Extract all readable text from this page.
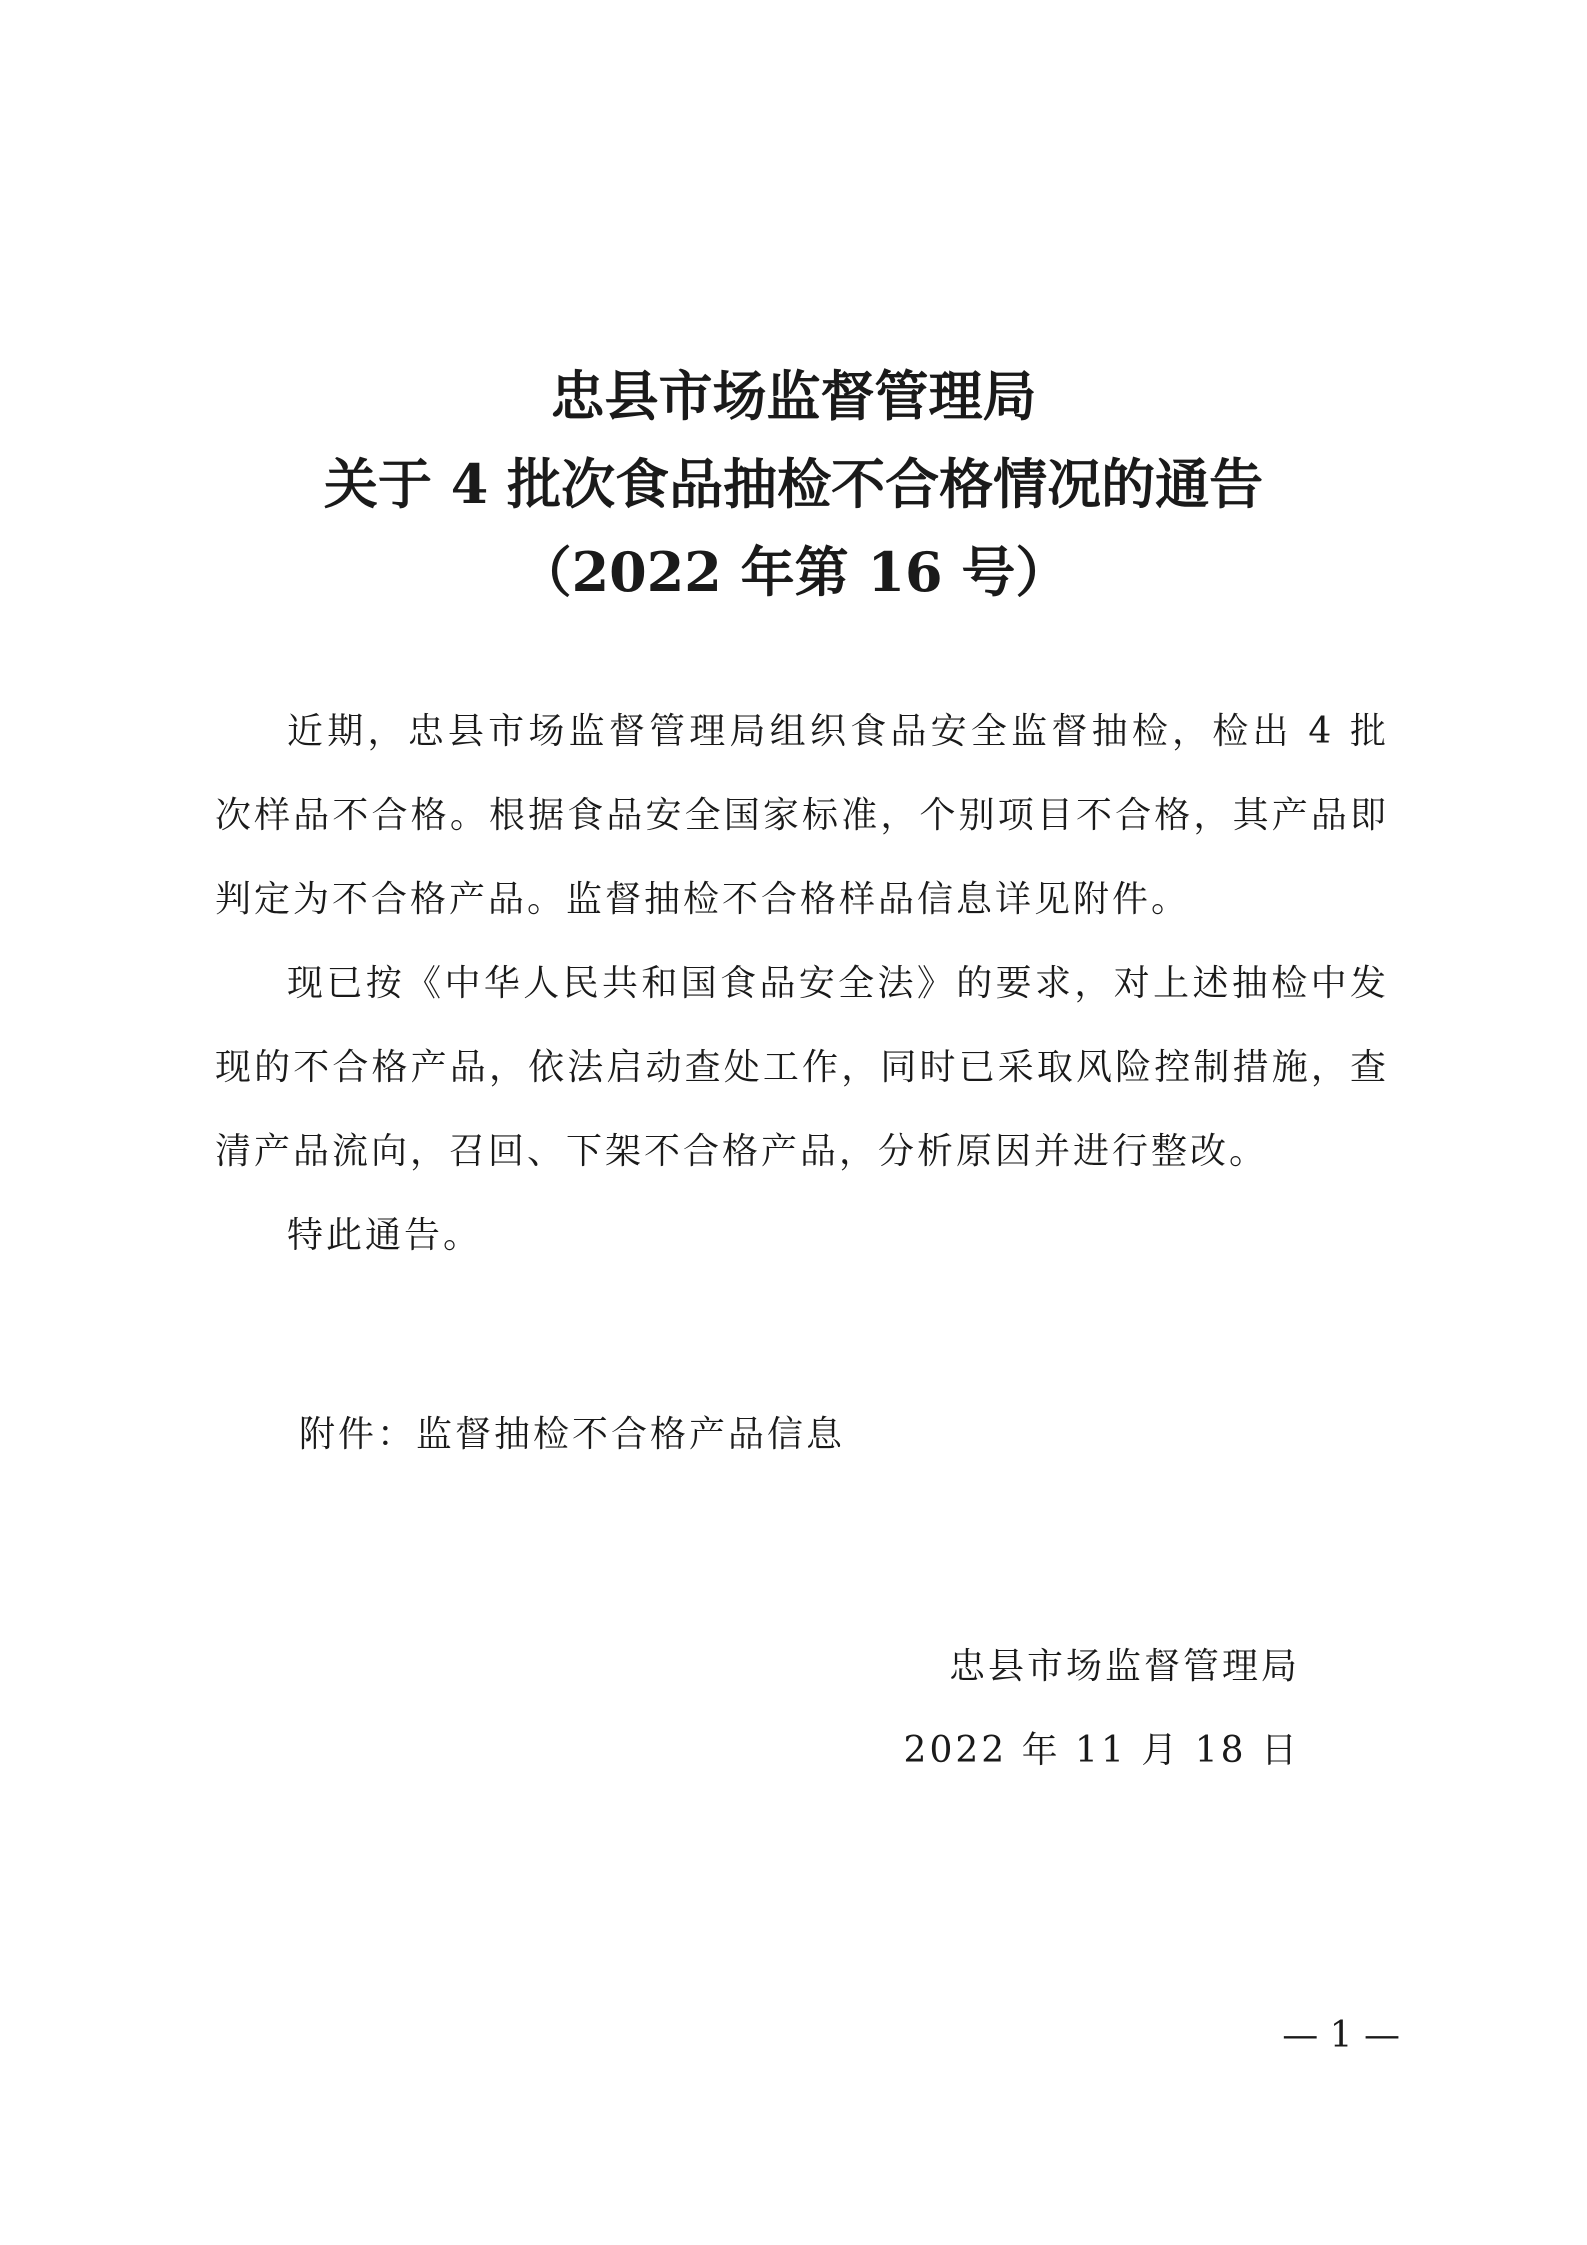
忠县市场监督管理局
关于 4 批次食品抽检不合格情况的通告
（2022 年第 16 号）

近期，忠县市场监督管理局组织食品安全监督抽检，检出 4 批次样品不合格。根据食品安全国家标准，个别项目不合格，其产品即判定为不合格产品。监督抽检不合格样品信息详见附件。

现已按《中华人民共和国食品安全法》的要求，对上述抽检中发现的不合格产品，依法启动查处工作，同时已采取风险控制措施，查清产品流向，召回、下架不合格产品，分析原因并进行整改。

特此通告。

附件：监督抽检不合格产品信息
忠县市场监督管理局
2022 年 11 月 18 日
— 1 —
